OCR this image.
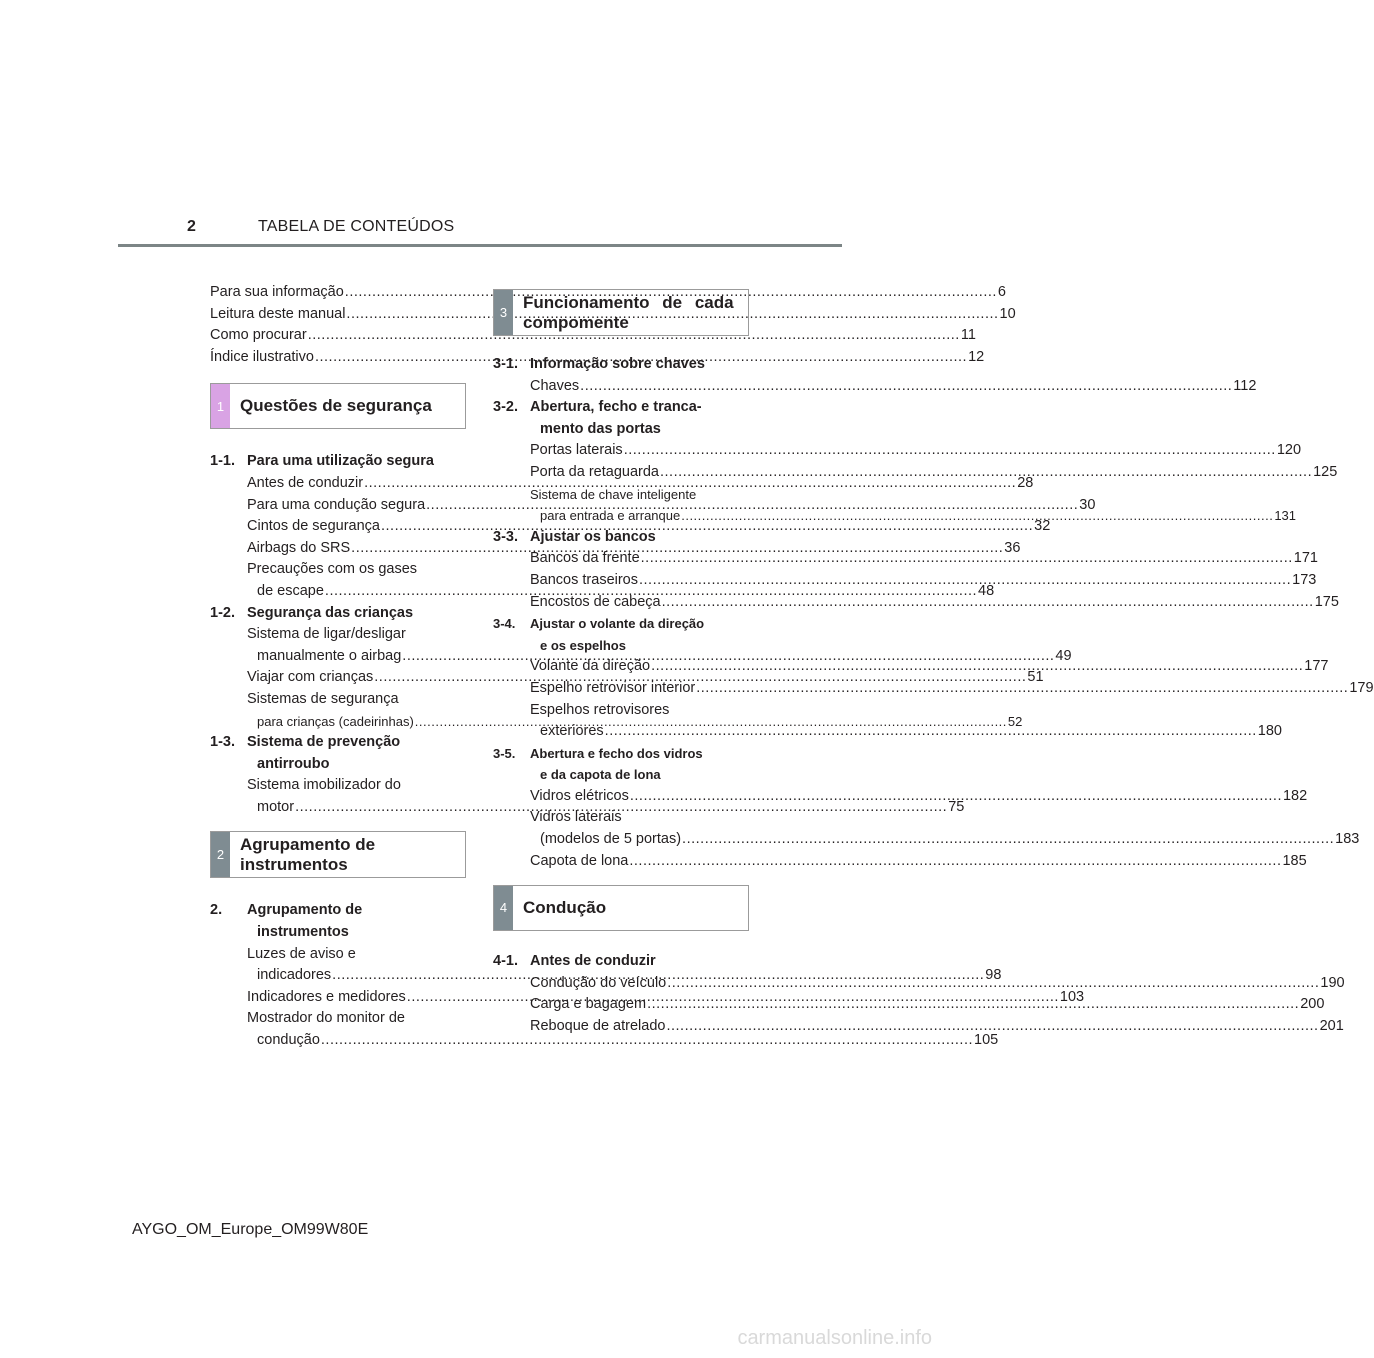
2	TABELA DE CONTEÚDOS
Para sua informação .....	6
Leitura deste manual .....	10
Como procurar .....	11
Índice ilustrativo .....	12
1 Questões de segurança
1-1. Para uma utilização segura
Antes de conduzir .....	28
Para uma condução segura .....	30
Cintos de segurança .....	32
Airbags do SRS .....	36
Precauções com os gases
de escape .....	48
1-2. Segurança das crianças
Sistema de ligar/desligar
manualmente o airbag .....	49
Viajar com crianças .....	51
Sistemas de segurança
para crianças (cadeirinhas) .....	52
1-3. Sistema de prevenção
antirroubo
Sistema imobilizador do
motor .....	75
2
Agrupamento de
instrumentos
2.	Agrupamento de
instrumentos
Luzes de aviso e
indicadores .....	98
Indicadores e medidores .....	103
Mostrador do monitor de
condução .....	105
3
Funcionamento de cada
compomente
3-1. Informação sobre chaves
Chaves .....	112
3-2. Abertura, fecho e tranca-
mento das portas
Portas laterais .....	120
Porta da retaguarda .....	125
Sistema de chave inteligente
para entrada e arranque .....	131
3-3. Ajustar os bancos
Bancos da frente .....	171
Bancos traseiros .....	173
Encostos de cabeça .....	175
3-4.	Ajustar o volante da direção
e os espelhos
Volante da direção .....	177
Espelho retrovisor interior .....	179
Espelhos retrovisores
exteriores .....	180
3-5.	Abertura e fecho dos vidros
e da capota de lona
Vidros elétricos .....	182
Vidros laterais
(modelos de 5 portas) .....	183
Capota de lona .....	185
4 Condução
4-1. Antes de conduzir
Condução do veículo .....	190
Carga e bagagem .....	200
Reboque de atrelado .....	201
AYGO_OM_Europe_OM99W80E
carmanualsonline.info
